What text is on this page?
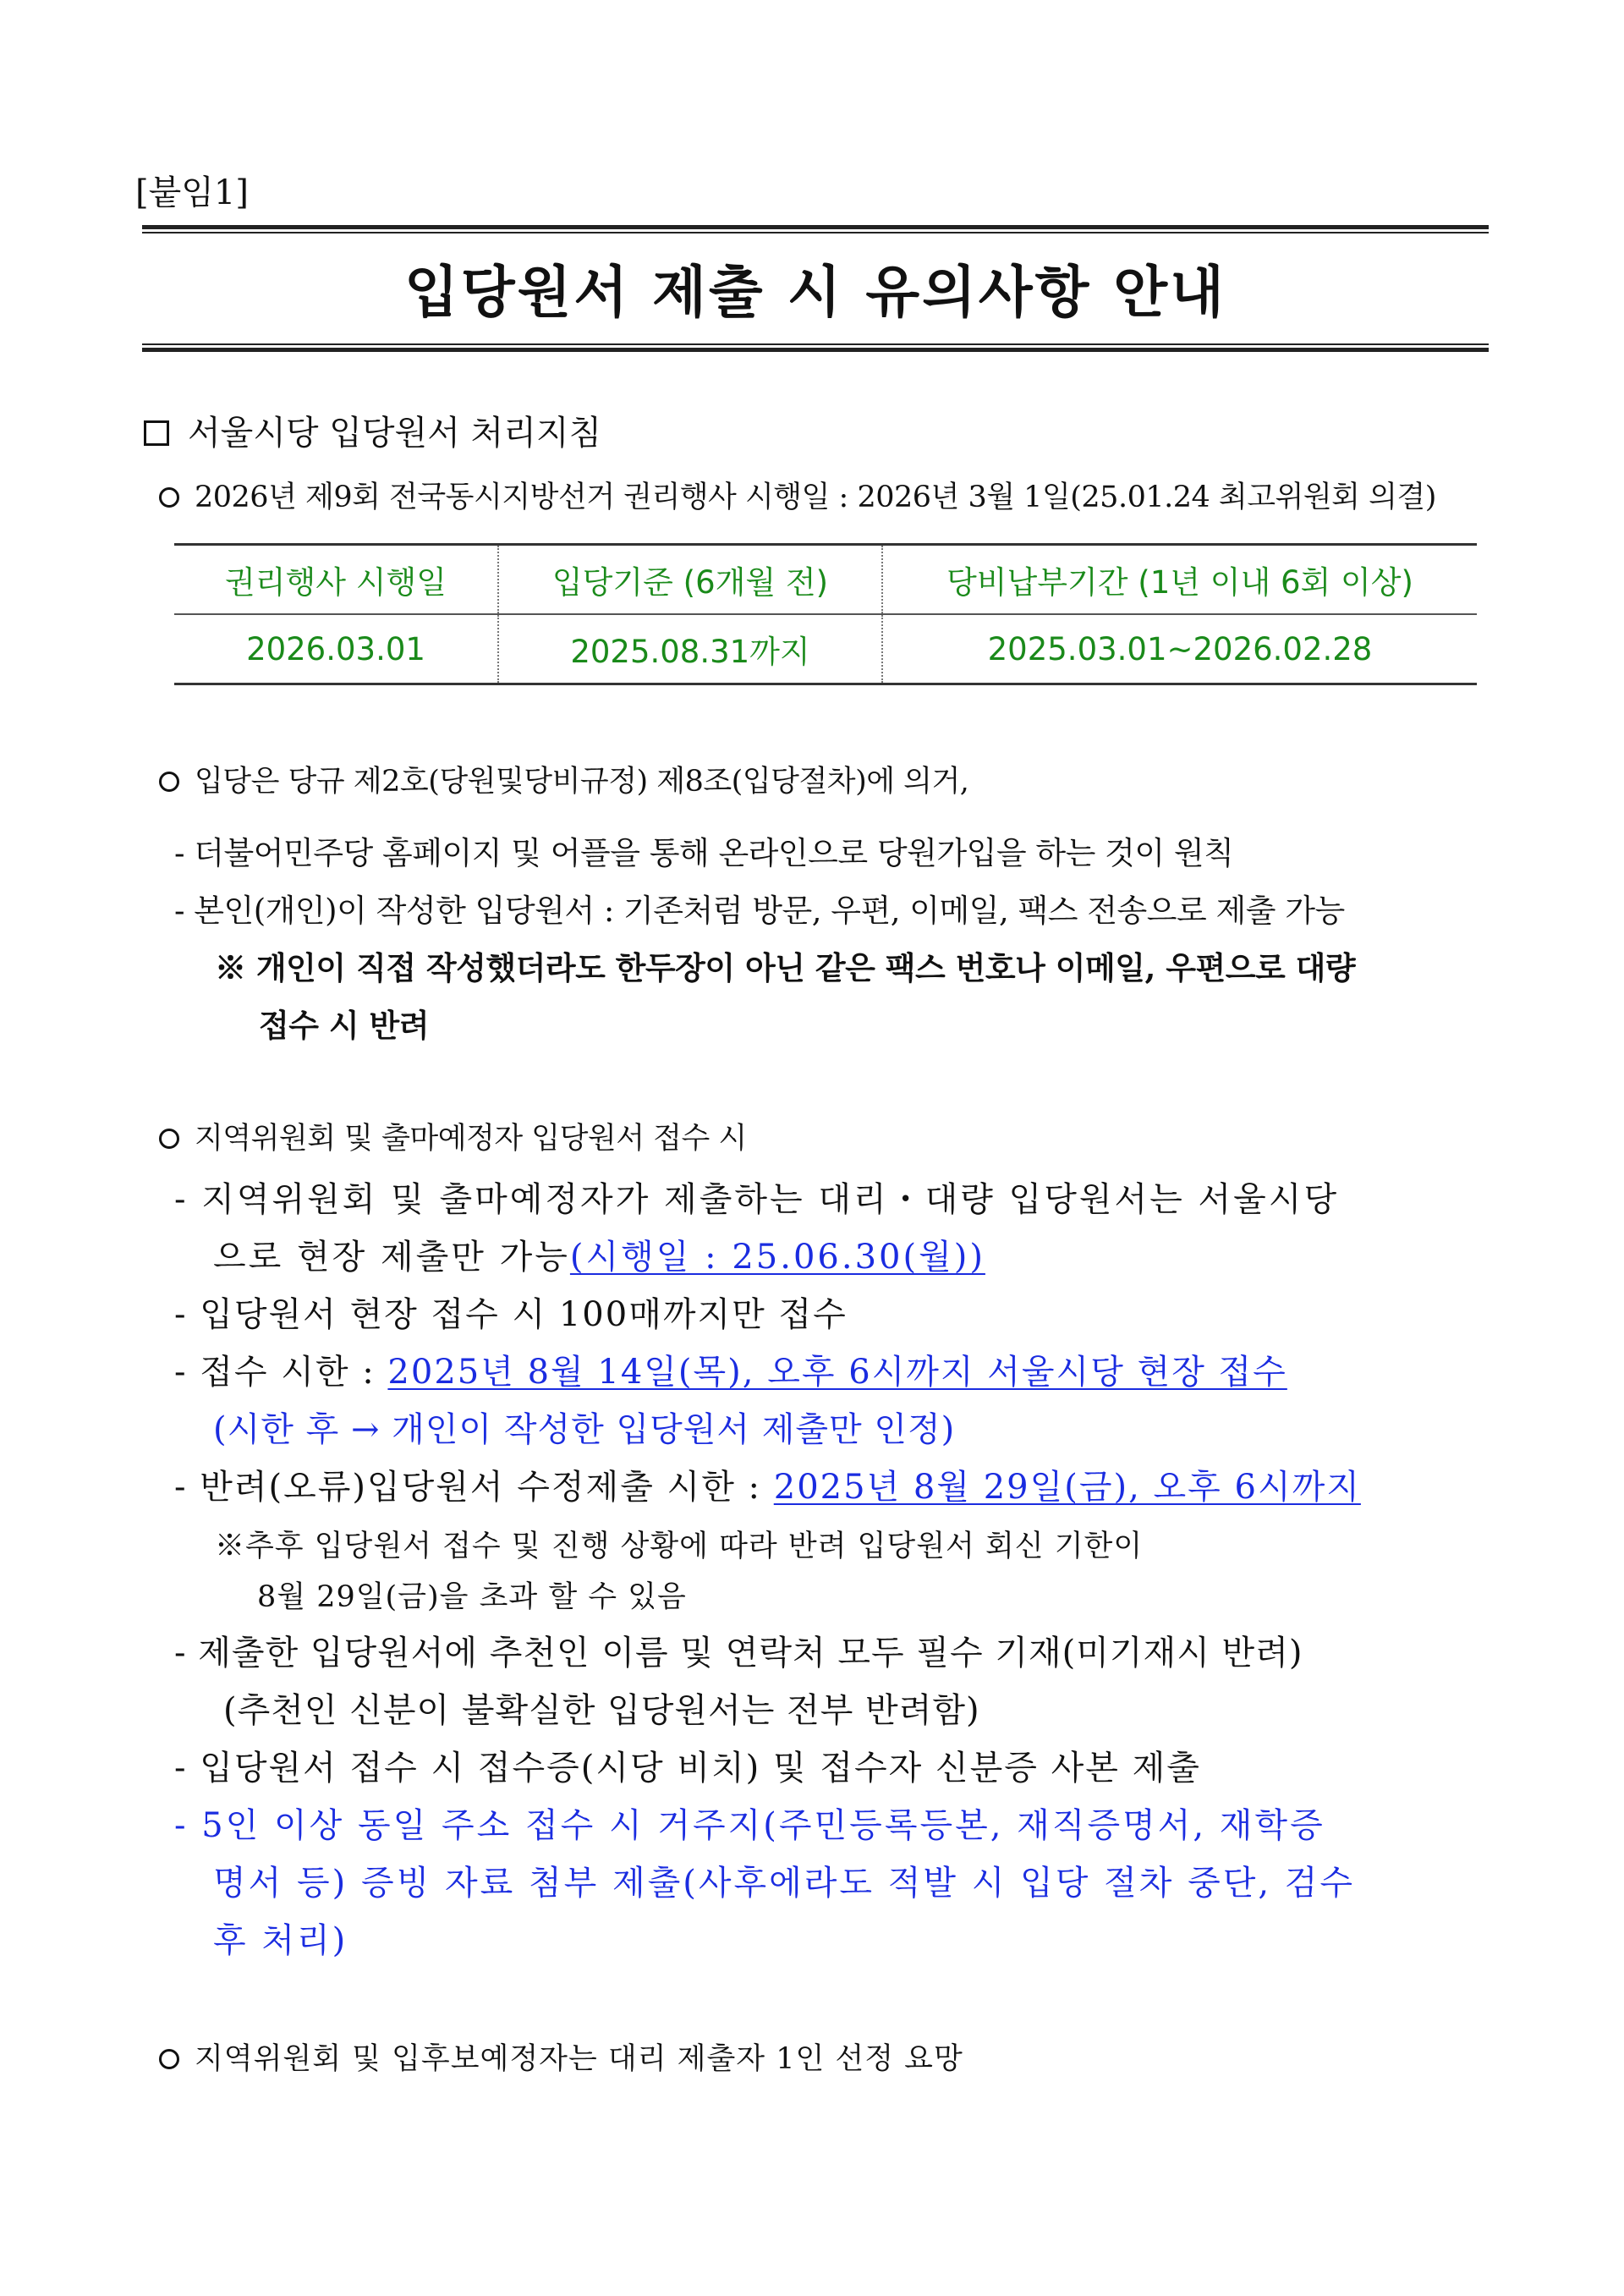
[붙임1]
입당원서 제출 시 유의사항 안내
서울시당 입당원서 처리지침
2026년 제9회 전국동시지방선거 권리행사 시행일 : 2026년 3월 1일(25.01.24 최고위원회 의결)
권리행사 시행일	입당기준 (6개월 전)	당비납부기간 (1년 이내 6회 이상)
2026.03.01	2025.08.31까지	2025.03.01~2026.02.28
입당은 당규 제2호(당원및당비규정) 제8조(입당절차)에 의거,
- 더불어민주당 홈페이지 및 어플을 통해 온라인으로 당원가입을 하는 것이 원칙
- 본인(개인)이 작성한 입당원서 : 기존처럼 방문, 우편, 이메일, 팩스 전송으로 제출 가능
※ 개인이 직접 작성했더라도 한두장이 아닌 같은 팩스 번호나 이메일, 우편으로 대량
접수 시 반려
지역위원회 및 출마예정자 입당원서 접수 시
- 지역위원회 및 출마예정자가 제출하는 대리・대량 입당원서는 서울시당
으로 현장 제출만 가능(시행일 : 25.06.30(월))
- 입당원서 현장 접수 시 100매까지만 접수
- 접수 시한 : 2025년 8월 14일(목), 오후 6시까지 서울시당 현장 접수
(시한 후 → 개인이 작성한 입당원서 제출만 인정)
- 반려(오류)입당원서 수정제출 시한 : 2025년 8월 29일(금), 오후 6시까지
※추후 입당원서 접수 및 진행 상황에 따라 반려 입당원서 회신 기한이
8월 29일(금)을 초과 할 수 있음
- 제출한 입당원서에 추천인 이름 및 연락처 모두 필수 기재(미기재시 반려)
(추천인 신분이 불확실한 입당원서는 전부 반려함)
- 입당원서 접수 시 접수증(시당 비치) 및 접수자 신분증 사본 제출
- 5인 이상 동일 주소 접수 시 거주지(주민등록등본, 재직증명서, 재학증
명서 등) 증빙 자료 첨부 제출(사후에라도 적발 시 입당 절차 중단, 검수
후 처리)
지역위원회 및 입후보예정자는 대리 제출자 1인 선정 요망
